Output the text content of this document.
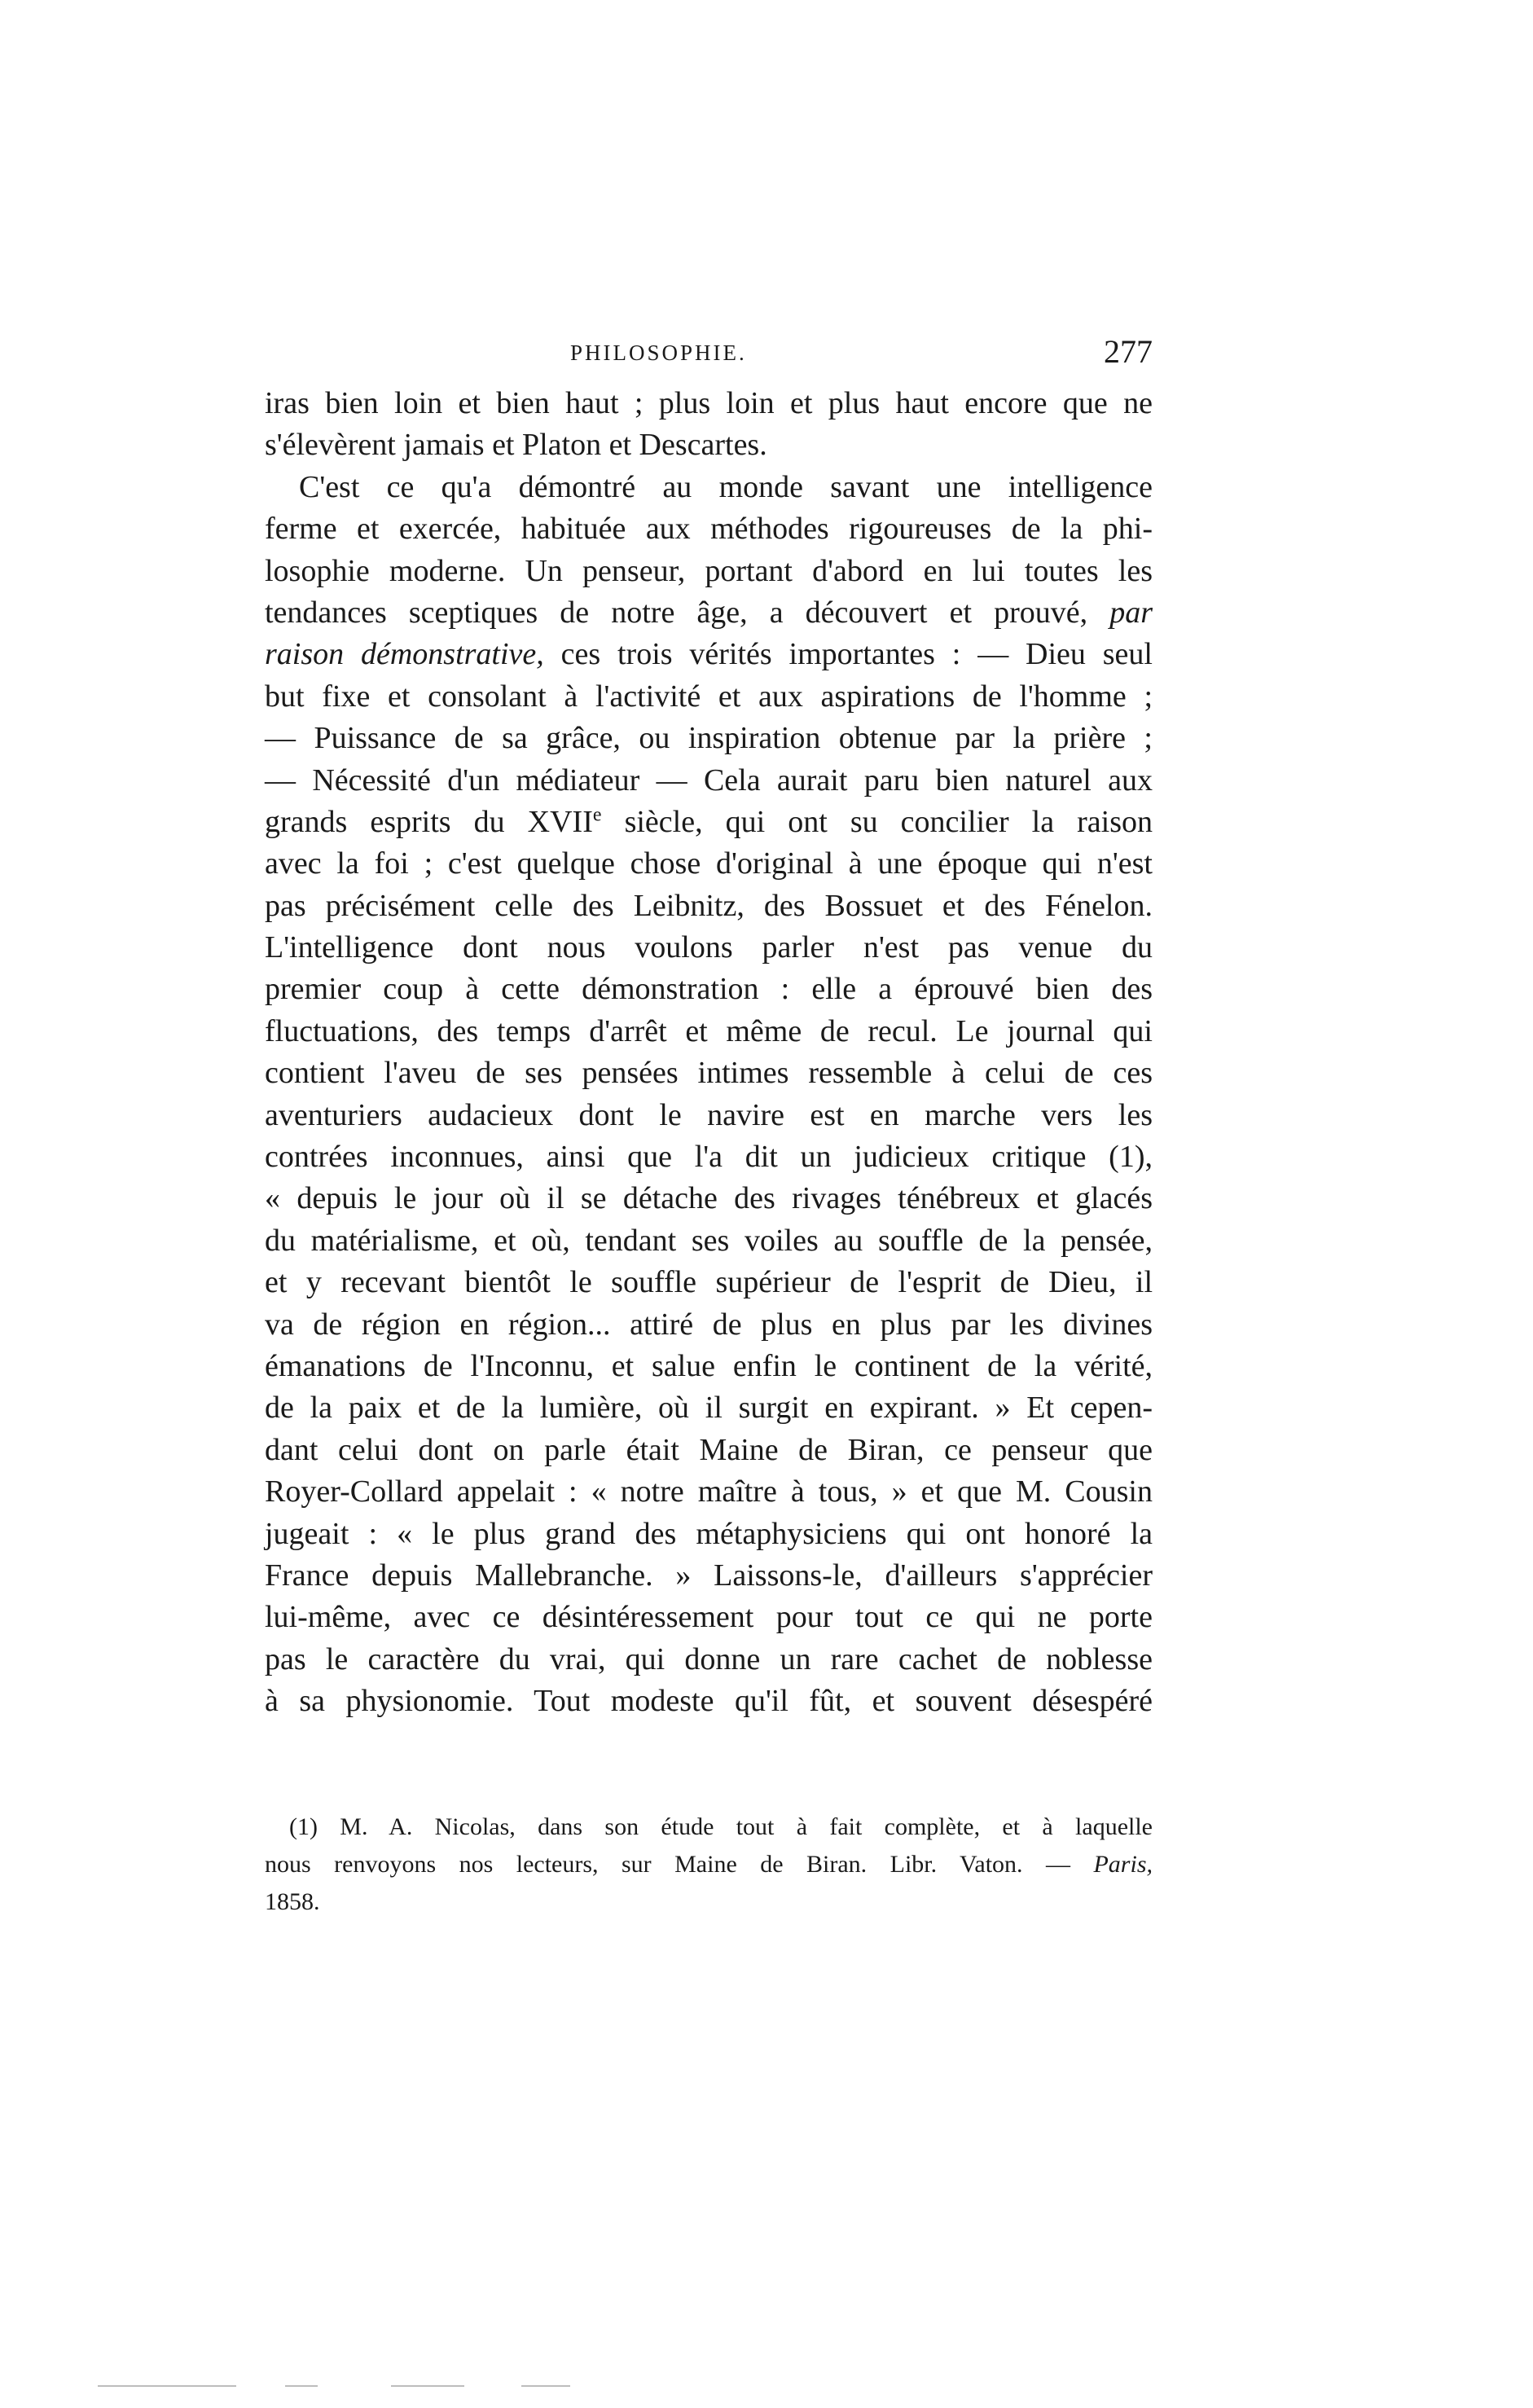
PHILOSOPHIE.	277
iras bien loin et bien haut ; plus loin et plus haut encore que ne
s'élevèrent jamais et Platon et Descartes.
C'est ce qu'a démontré au monde savant une intelligence
ferme et exercée, habituée aux méthodes rigoureuses de la phi-
losophie moderne. Un penseur, portant d'abord en lui toutes les
tendances sceptiques de notre âge, a découvert et prouvé, par
raison démonstrative, ces trois vérités importantes : — Dieu seul
but fixe et consolant à l'activité et aux aspirations de l'homme ;
— Puissance de sa grâce, ou inspiration obtenue par la prière ;
— Nécessité d'un médiateur — Cela aurait paru bien naturel aux
grands esprits du XVIIe siècle, qui ont su concilier la raison
avec la foi ; c'est quelque chose d'original à une époque qui n'est
pas précisément celle des Leibnitz, des Bossuet et des Fénelon.
L'intelligence dont nous voulons parler n'est pas venue du
premier coup à cette démonstration : elle a éprouvé bien des
fluctuations, des temps d'arrêt et même de recul. Le journal qui
contient l'aveu de ses pensées intimes ressemble à celui de ces
aventuriers audacieux dont le navire est en marche vers les
contrées inconnues, ainsi que l'a dit un judicieux critique (1),
« depuis le jour où il se détache des rivages ténébreux et glacés
du matérialisme, et où, tendant ses voiles au souffle de la pensée,
et y recevant bientôt le souffle supérieur de l'esprit de Dieu, il
va de région en région... attiré de plus en plus par les divines
émanations de l'Inconnu, et salue enfin le continent de la vérité,
de la paix et de la lumière, où il surgit en expirant. » Et cepen-
dant celui dont on parle était Maine de Biran, ce penseur que
Royer-Collard appelait : « notre maître à tous, » et que M. Cousin
jugeait : « le plus grand des métaphysiciens qui ont honoré la
France depuis Mallebranche. » Laissons-le, d'ailleurs s'apprécier
lui-même, avec ce désintéressement pour tout ce qui ne porte
pas le caractère du vrai, qui donne un rare cachet de noblesse
à sa physionomie. Tout modeste qu'il fût, et souvent désespéré
(1) M. A. Nicolas, dans son étude tout à fait complète, et à laquelle
nous renvoyons nos lecteurs, sur Maine de Biran. Libr. Vaton. — Paris,
1858.
